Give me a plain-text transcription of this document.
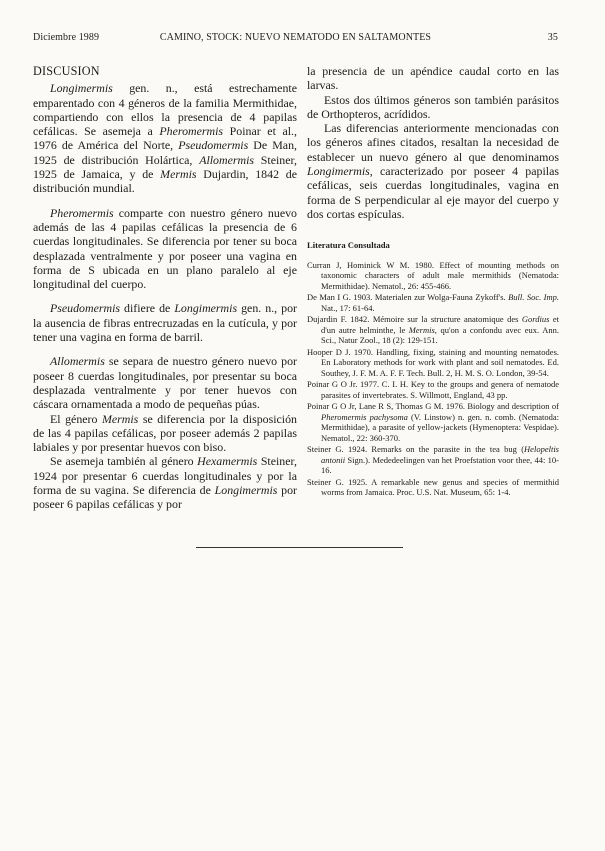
Diciembre 1989	CAMINO, STOCK: NUEVO NEMATODO EN SALTAMONTES	35
DISCUSION

Longimermis gen. n., está estrechamente emparentado con 4 géneros de la familia Mermithidae, compartiendo con ellos la presencia de 4 papilas cefálicas. Se asemeja a Pheromermis Poinar et al., 1976 de América del Norte, Pseudomermis De Man, 1925 de distribución Holártica, Allomermis Steiner, 1925 de Jamaica, y de Mermis Dujardin, 1842 de distribución mundial.

Pheromermis comparte con nuestro género nuevo además de las 4 papilas cefálicas la presencia de 6 cuerdas longitudinales. Se diferencia por tener su boca desplazada ventralmente y por poseer una vagina en forma de S ubicada en un plano paralelo al eje longitudinal del cuerpo.

Pseudomermis difiere de Longimermis gen. n., por la ausencia de fibras entrecruzadas en la cutícula, y por tener una vagina en forma de barril.

Allomermis se separa de nuestro género nuevo por poseer 8 cuerdas longitudinales, por presentar su boca desplazada ventralmente y por tener huevos con cáscara ornamentada a modo de pequeñas púas.

El género Mermis se diferencia por la disposición de las 4 papilas cefálicas, por poseer además 2 papilas labiales y por presentar huevos con biso.

Se asemeja también al género Hexamermis Steiner, 1924 por presentar 6 cuerdas longitudinales y por la forma de su vagina. Se diferencia de Longimermis por poseer 6 papilas cefálicas y por

la presencia de un apéndice caudal corto en las larvas.

Estos dos últimos géneros son también parásitos de Orthopteros, acrídidos.

Las diferencias anteriormente mencionadas con los géneros afines citados, resaltan la necesidad de establecer un nuevo género al que denominamos Longimermis, caracterizado por poseer 4 papilas cefálicas, seis cuerdas longitudinales, vagina en forma de S perpendicular al eje mayor del cuerpo y dos cortas espículas.

Literatura Consultada
Curran J, Hominick W M. 1980. Effect of mounting methods on taxonomic characters of adult male mermithids (Nematoda: Mermithidae). Nematol., 26: 455-466.
De Man I G. 1903. Materialen zur Wolga-Fauna Zykoff's. Bull. Soc. Imp. Nat., 17: 61-64.
Dujardin F. 1842. Mémoire sur la structure anatomique des Gordius et d'un autre helminthe, le Mermis, qu'on a confondu avec eux. Ann. Sci., Natur Zool., 18 (2): 129-151.
Hooper D J. 1970. Handling, fixing, staining and mounting nematodes. En Laboratory methods for work with plant and soil nematodes. Ed. Southey, J. F. M. A. F. F. Tech. Bull. 2, H. M. S. O. London, 39-54.
Poinar G O Jr. 1977. C. I. H. Key to the groups and genera of nematode parasites of invertebrates. S. Willmott, England, 43 pp.
Poinar G O Jr, Lane R S, Thomas G M. 1976. Biology and description of Pheromermis pachysoma (V. Linstow) n. gen. n. comb. (Nematoda: Mermithidae), a parasite of yellow-jackets (Hymenoptera: Vespidae). Nematol., 22: 360-370.
Steiner G. 1924. Remarks on the parasite in the tea bug (Helopeltis antonii Sign.). Mededeelingen van het Proefstation voor thee, 44: 10-16.
Steiner G. 1925. A remarkable new genus and species of mermithid worms from Jamaica. Proc. U.S. Nat. Museum, 65: 1-4.
